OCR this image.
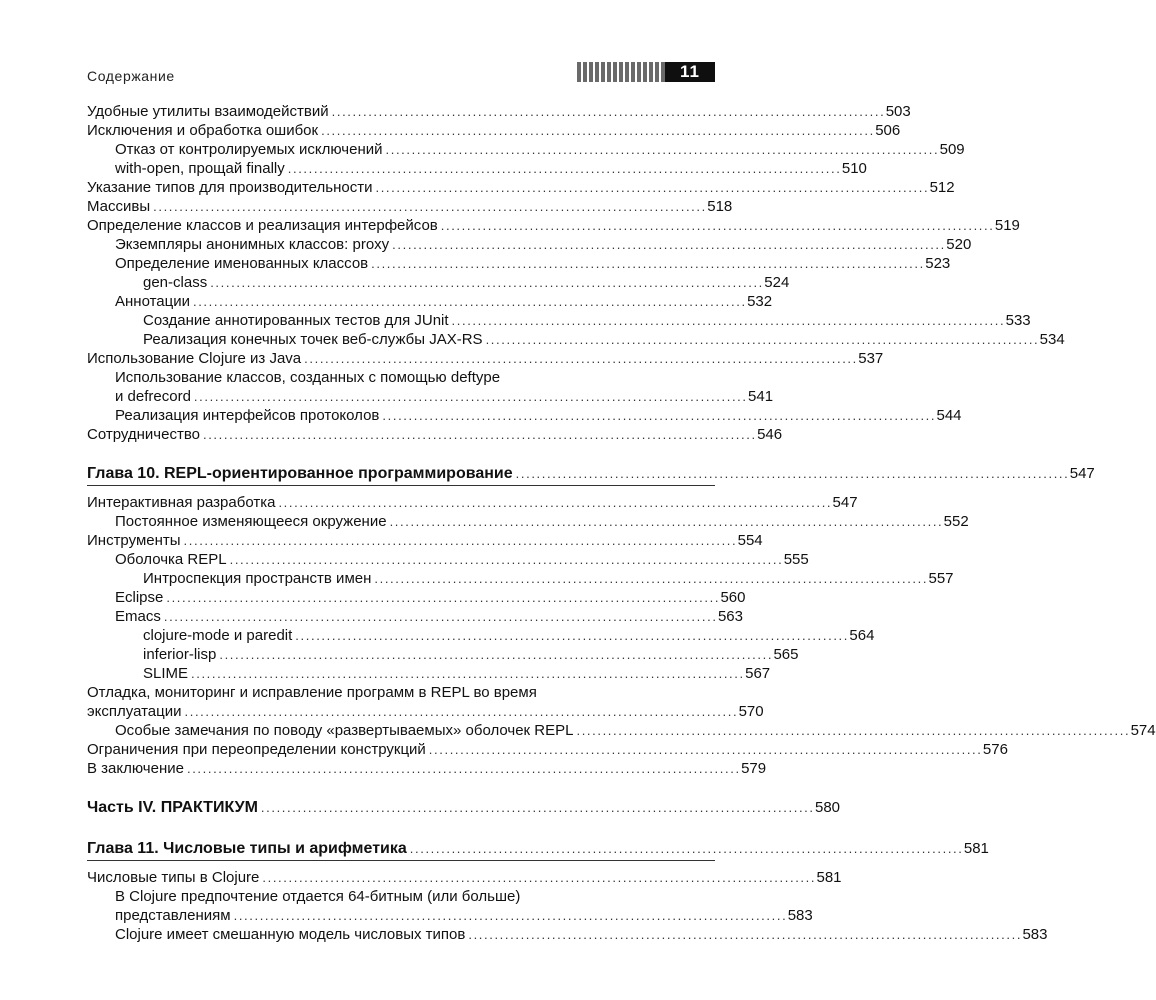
Содержание	11
Удобные утилиты взаимодействий . . .	503
Исключения и обработка ошибок . . .	506
Отказ от контролируемых исключений . . .	509
with-open, прощай finally . . .	510
Указание типов для производительности . . .	512
Массивы . . .	518
Определение классов и реализация интерфейсов . . .	519
Экземпляры анонимных классов: proxy . . .	520
Определение именованных классов . . .	523
gen-class . . .	524
Аннотации . . .	532
Создание аннотированных тестов для JUnit . . .	533
Реализация конечных точек веб-службы JAX-RS . . .	534
Использование Clojure из Java . . .	537
Использование классов, созданных с помощью deftype
и defrecord . . .	541
Реализация интерфейсов протоколов . . .	544
Сотрудничество . . .	546
Глава 10. REPL-ориентированное программирование . . .	547
Интерактивная разработка . . .	547
Постоянное изменяющееся окружение . . .	552
Инструменты . . .	554
Оболочка REPL . . .	555
Интроспекция пространств имен . . .	557
Eclipse . . .	560
Emacs . . .	563
clojure-mode и paredit . . .	564
inferior-lisp . . .	565
SLIME . . .	567
Отладка, мониторинг и исправление программ в REPL во время
эксплуатации . . .	570
Особые замечания по поводу «развертываемых» оболочек REPL . . .	574
Ограничения при переопределении конструкций . . .	576
В заключение . . .	579
Часть IV. ПРАКТИКУМ . . .	580
Глава 11. Числовые типы и арифметика . . .	581
Числовые типы в Clojure . . .	581
В Clojure предпочтение отдается 64-битным (или больше)
представлениям . . .	583
Clojure имеет смешанную модель числовых типов . . .	583
